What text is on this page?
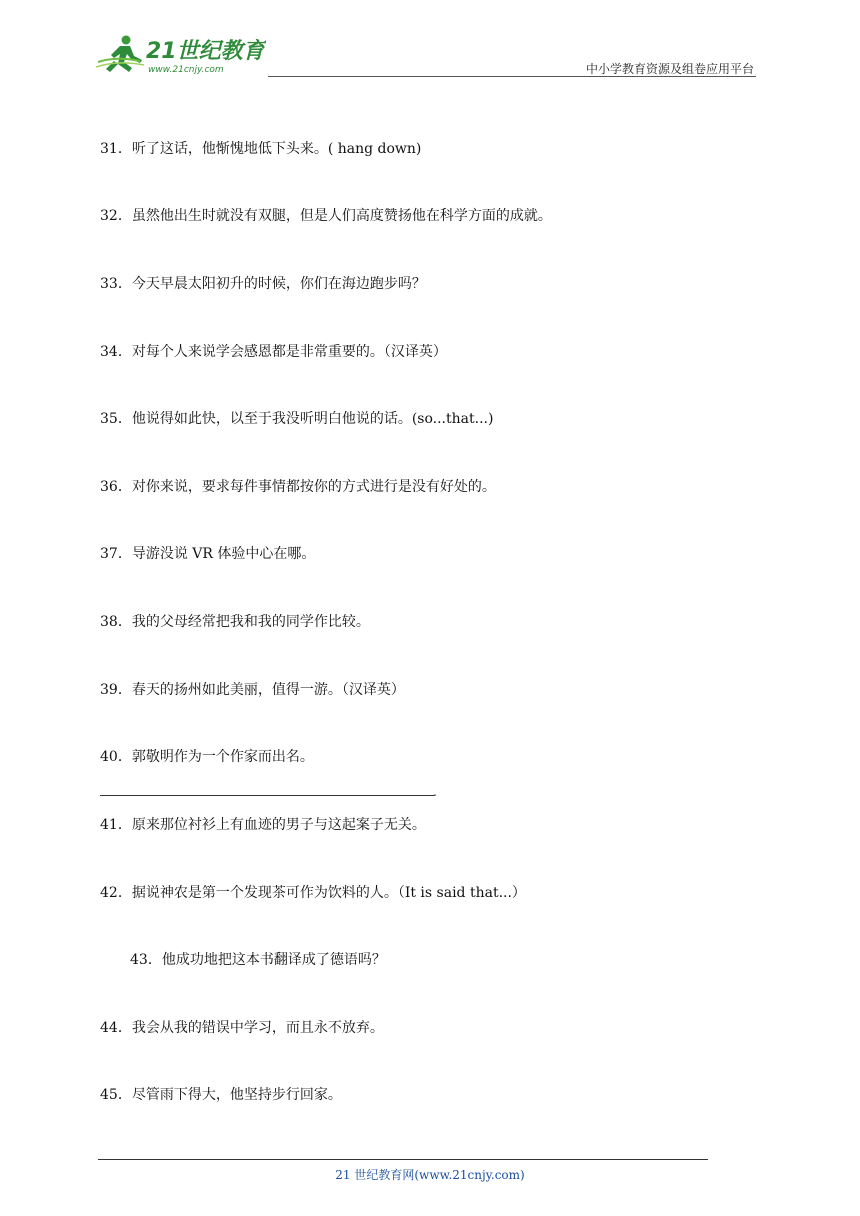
21世纪教育
www.21cnjy.com	中小学教育资源及组卷应用平台
31．听了这话，他惭愧地低下头来。( hang down)
32．虽然他出生时就没有双腿，但是人们高度赞扬他在科学方面的成就。
33．今天早晨太阳初升的时候，你们在海边跑步吗？
34．对每个人来说学会感恩都是非常重要的。（汉译英）
35．他说得如此快，以至于我没听明白他说的话。(so...that...)
36．对你来说，要求每件事情都按你的方式进行是没有好处的。
37．导游没说 VR 体验中心在哪。
38．我的父母经常把我和我的同学作比较。
39．春天的扬州如此美丽，值得一游。（汉译英）
40．郭敬明作为一个作家而出名。
.
41．原来那位衬衫上有血迹的男子与这起案子无关。
42．据说神农是第一个发现茶可作为饮料的人。（It is said that...）
43．他成功地把这本书翻译成了德语吗？
44．我会从我的错误中学习，而且永不放弃。
45．尽管雨下得大，他坚持步行回家。
21 世纪教育网(www.21cnjy.com)
